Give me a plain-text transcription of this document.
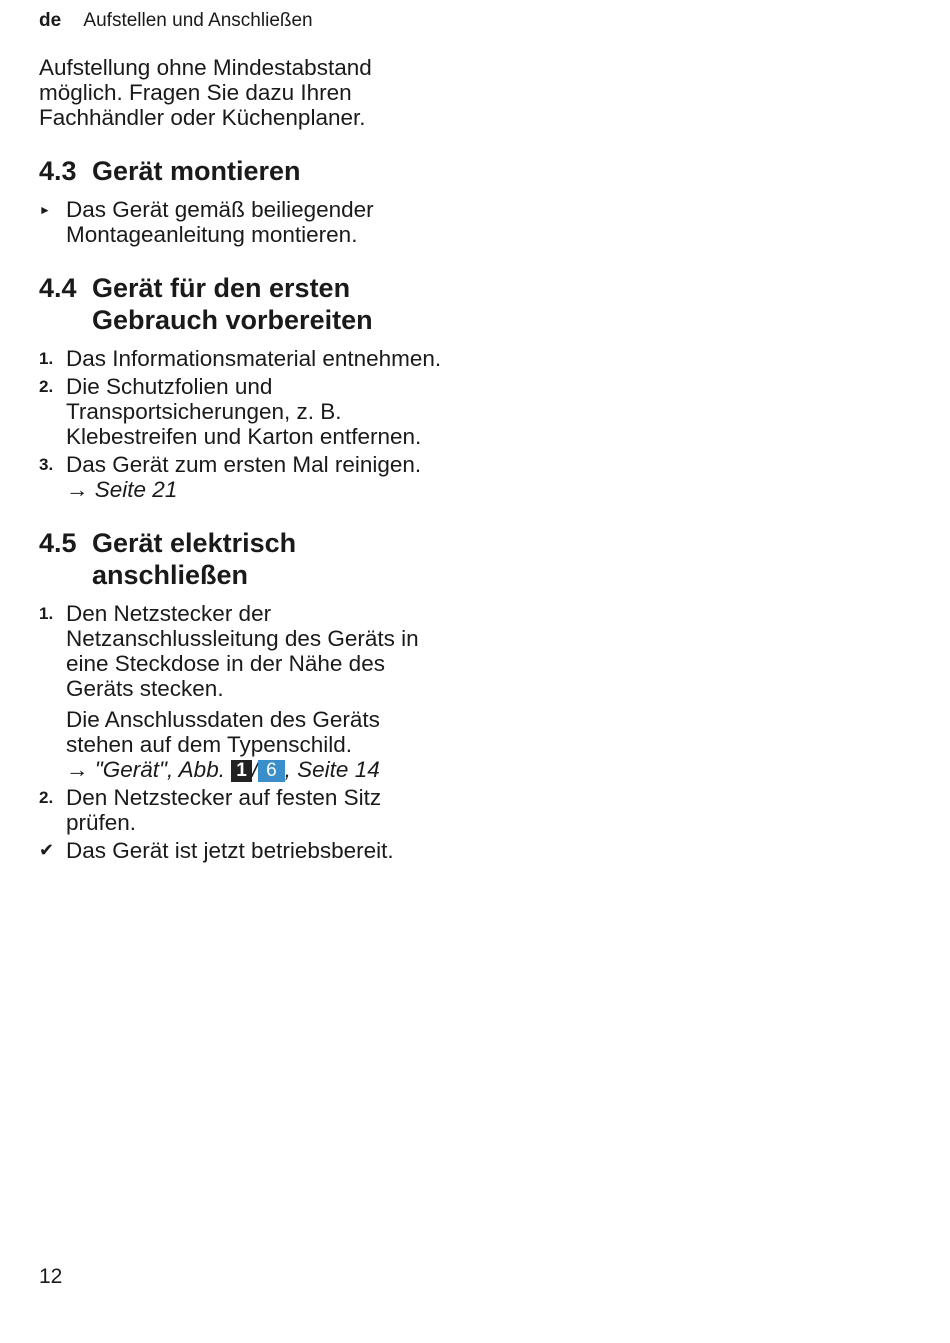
de Aufstellen und Anschließen

Aufstellung ohne Mindestabstand möglich. Fragen Sie dazu Ihren Fachhändler oder Küchenplaner.

4.3 Gerät montieren
► Das Gerät gemäß beiliegender Montageanleitung montieren.
4.4 Gerät für den ersten Gebrauch vorbereiten
1. Das Informationsmaterial entnehmen.
2. Die Schutzfolien und Transportsicherungen, z. B. Klebestreifen und Karton entfernen.
3. Das Gerät zum ersten Mal reinigen. → Seite 21
4.5 Gerät elektrisch anschließen
1. Den Netzstecker der Netzanschlussleitung des Geräts in eine Steckdose in der Nähe des Geräts stecken.
Die Anschlussdaten des Geräts stehen auf dem Typenschild.
→ "Gerät", Abb. 1 / 6 , Seite 14
2. Den Netzstecker auf festen Sitz prüfen.
✔ Das Gerät ist jetzt betriebsbereit.
12
